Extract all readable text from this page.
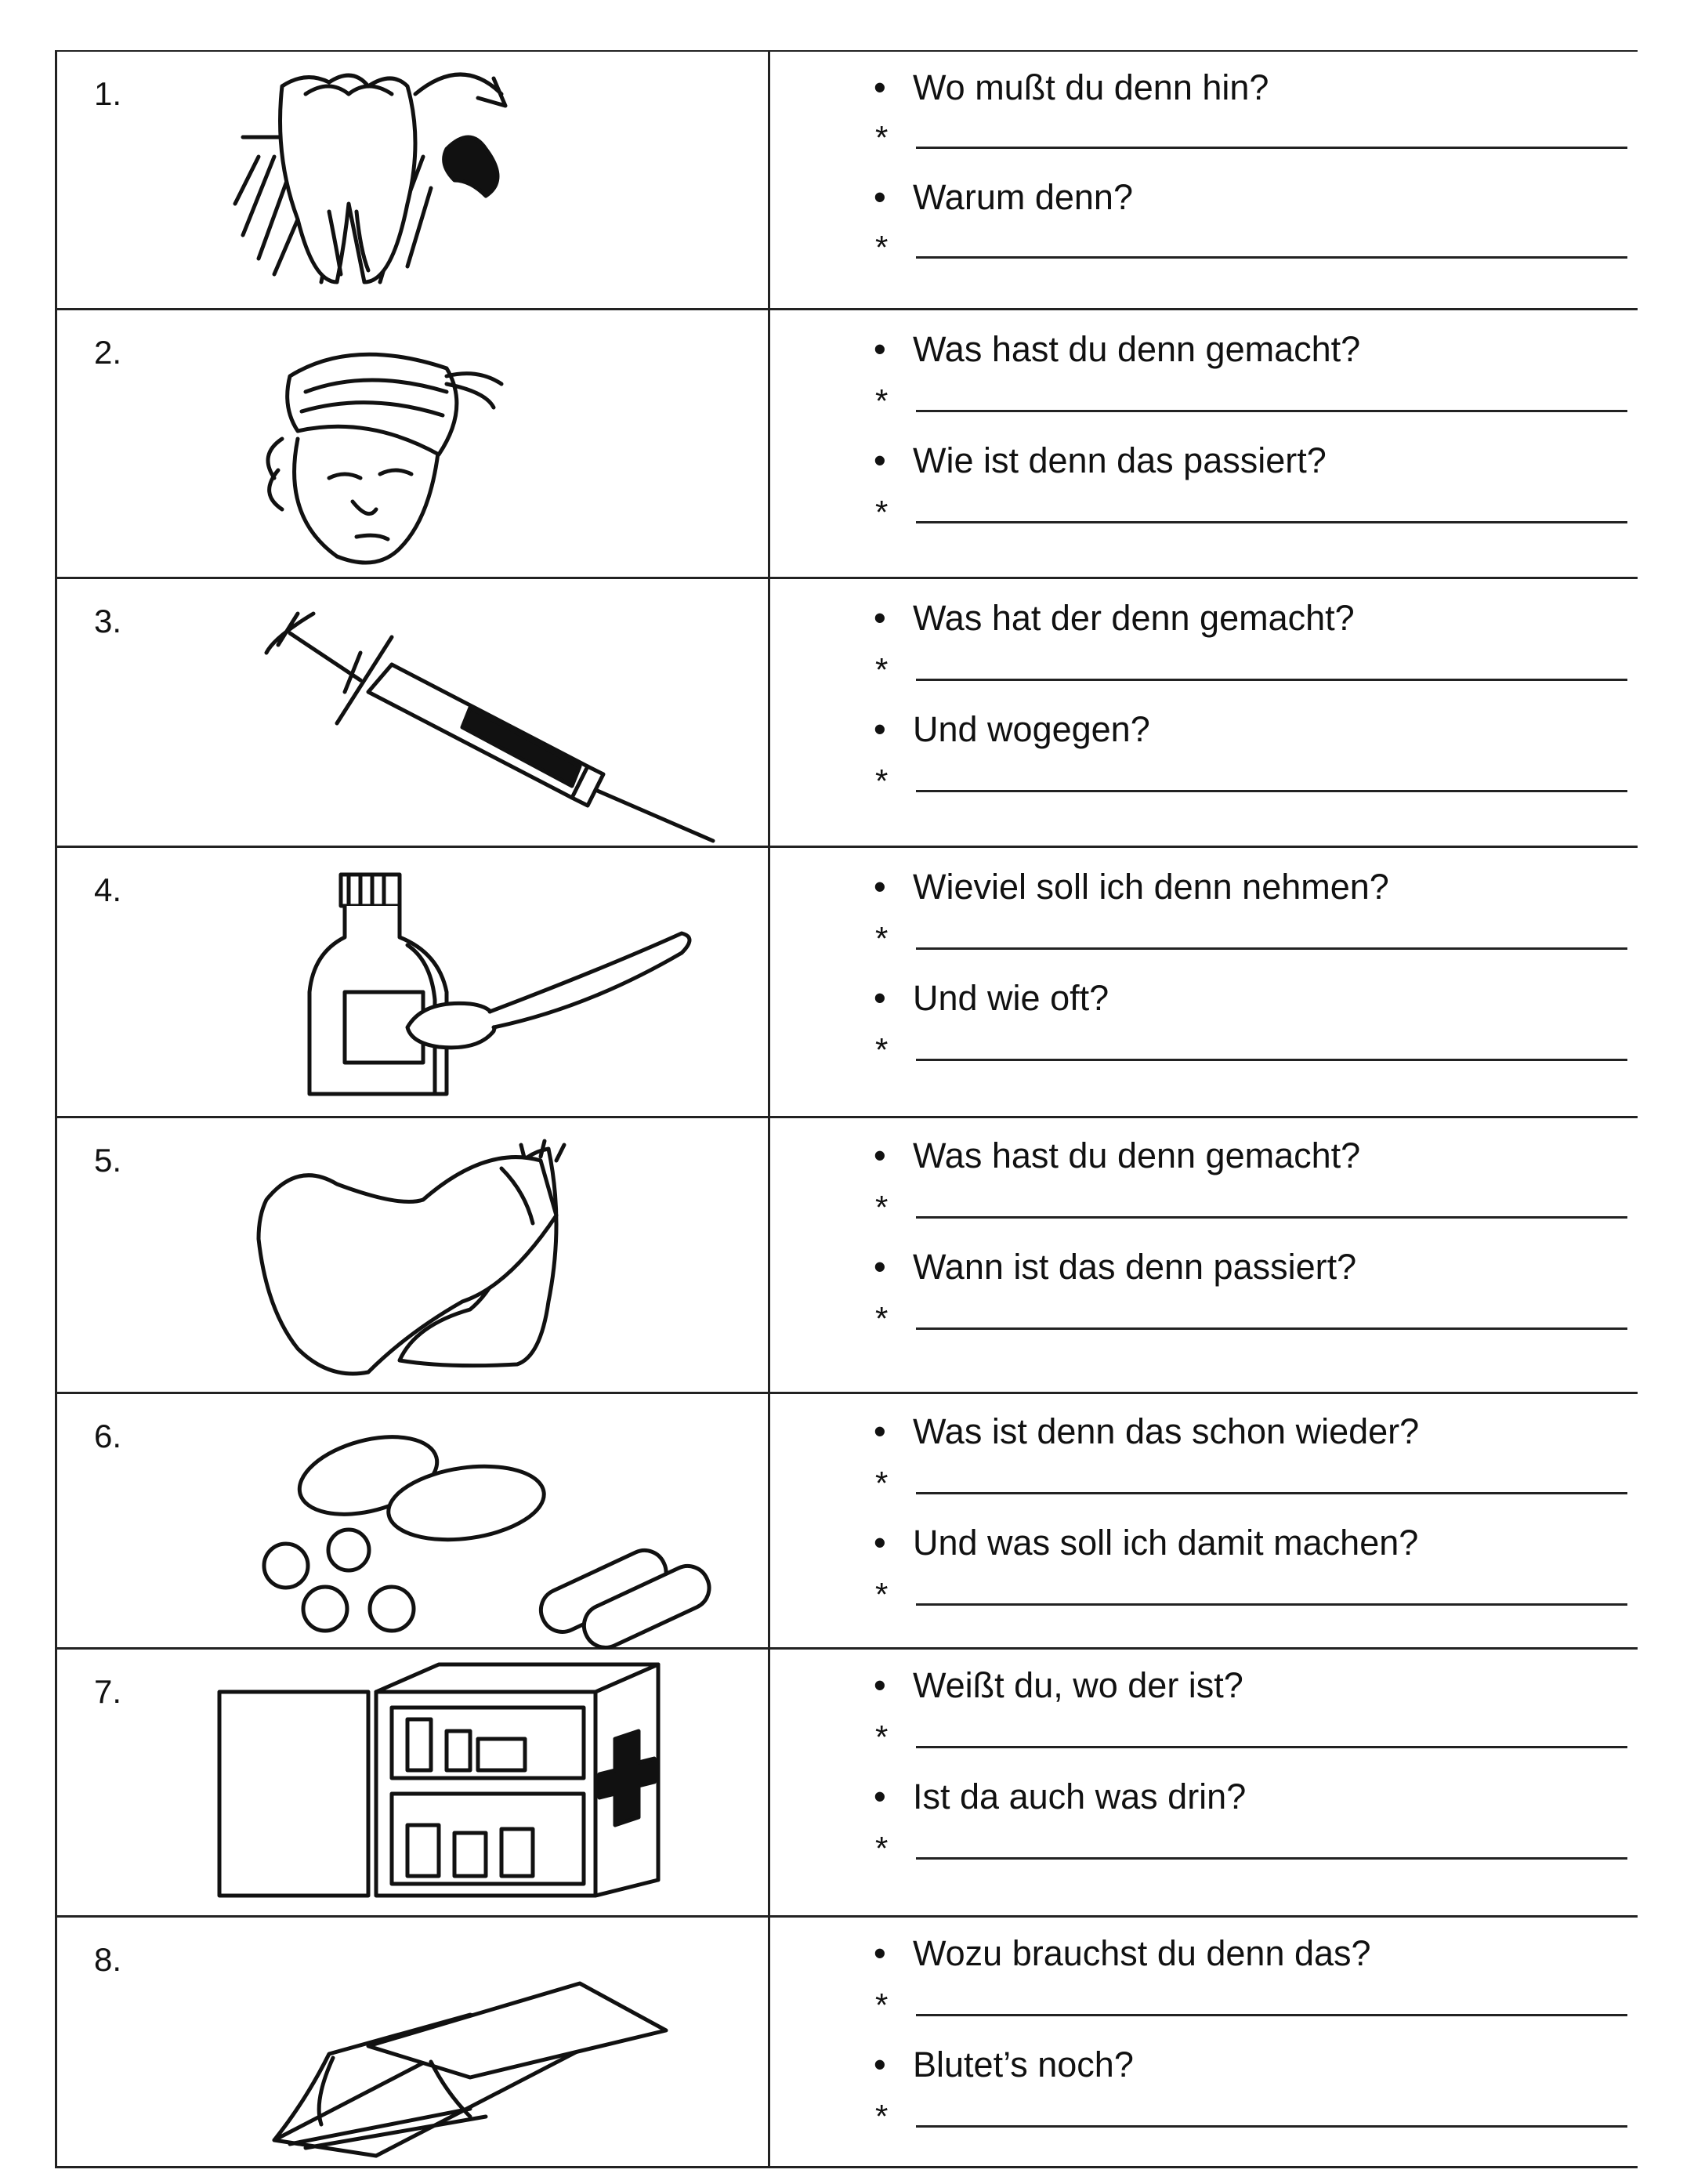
1.	• Wo mußt du denn hin?
*
• Warum denn?
*
2.	• Was hast du denn gemacht?
*
• Wie ist denn das passiert?
*
3.	• Was hat der denn gemacht?
*
• Und wogegen?
*
4.	• Wieviel soll ich denn nehmen?
*
• Und wie oft?
*
5.	• Was hast du denn gemacht?
*
• Wann ist das denn passiert?
*
6.	• Was ist denn das schon wieder?
*
• Und was soll ich damit machen?
*
7.	• Weißt du, wo der ist?
*
• Ist da auch was drin?
*
8.	• Wozu brauchst du denn das?
*
• Blutet’s noch?
*
